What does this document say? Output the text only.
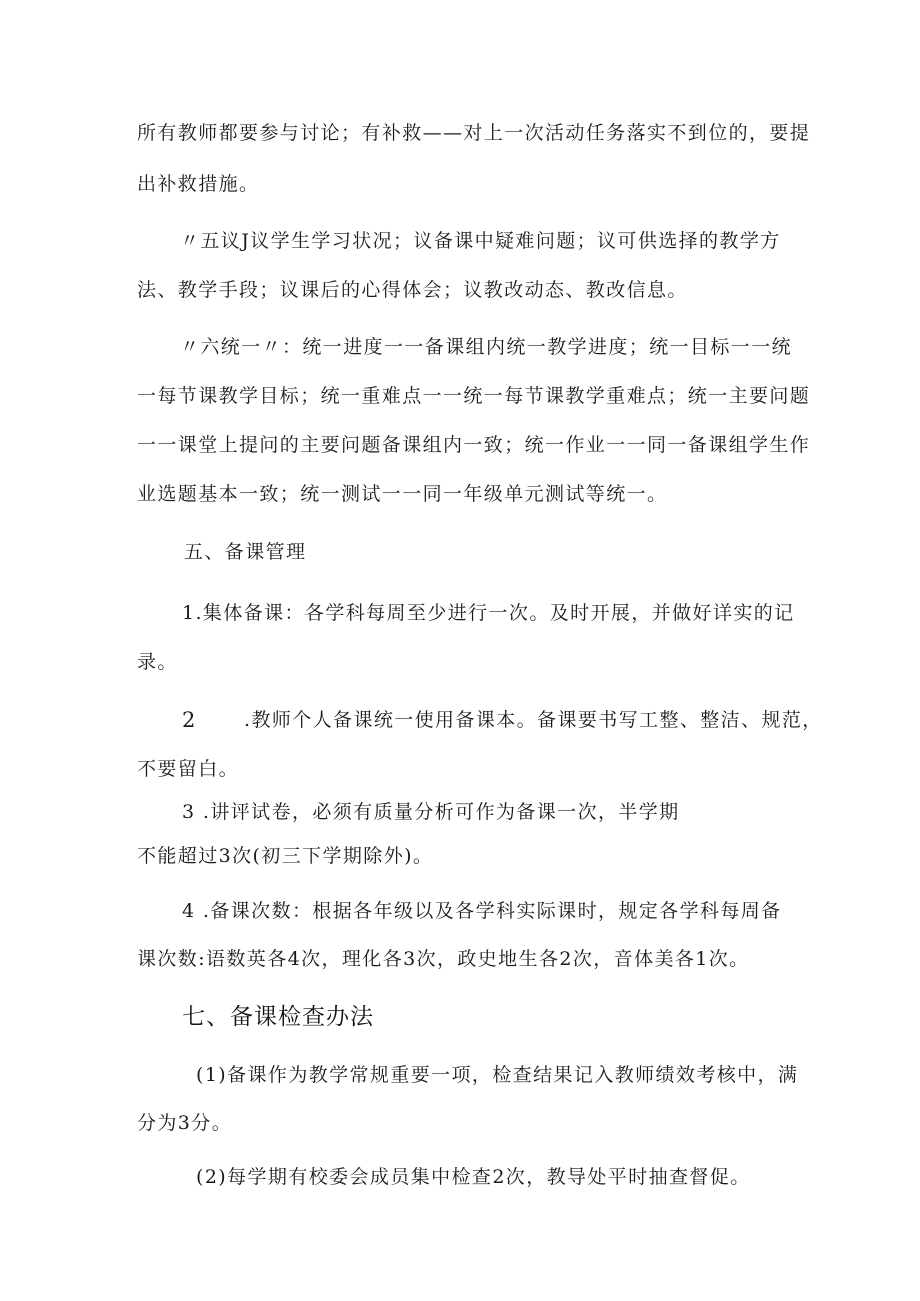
所有教师都要参与讨论；有补救——对上一次活动任务落实不到位的，要提
出补救措施。
〃五议J议学生学习状况；议备课中疑难问题；议可供选择的教学方
法、教学手段；议课后的心得体会；议教改动态、教改信息。
〃六统一〃：统一进度一一备课组内统一教学进度；统一目标一一统
一每节课教学目标；统一重难点一一统一每节课教学重难点；统一主要问题
一一课堂上提问的主要问题备课组内一致；统一作业一一同一备课组学生作
业选题基本一致；统一测试一一同一年级单元测试等统一。
五、备课管理
1.集体备课：各学科每周至少进行一次。及时开展，并做好详实的记
录。
2 .教师个人备课统一使用备课本。备课要书写工整、整洁、规范，
不要留白。
3 .讲评试卷，必须有质量分析可作为备课一次，半学期
不能超过3次(初三下学期除外)。
4 .备课次数：根据各年级以及各学科实际课时，规定各学科每周备
课次数:语数英各4次，理化各3次，政史地生各2次，音体美各1次。
七、备课检查办法
(1)备课作为教学常规重要一项，检查结果记入教师绩效考核中，满
分为3分。
(2)每学期有校委会成员集中检查2次，教导处平时抽查督促。
